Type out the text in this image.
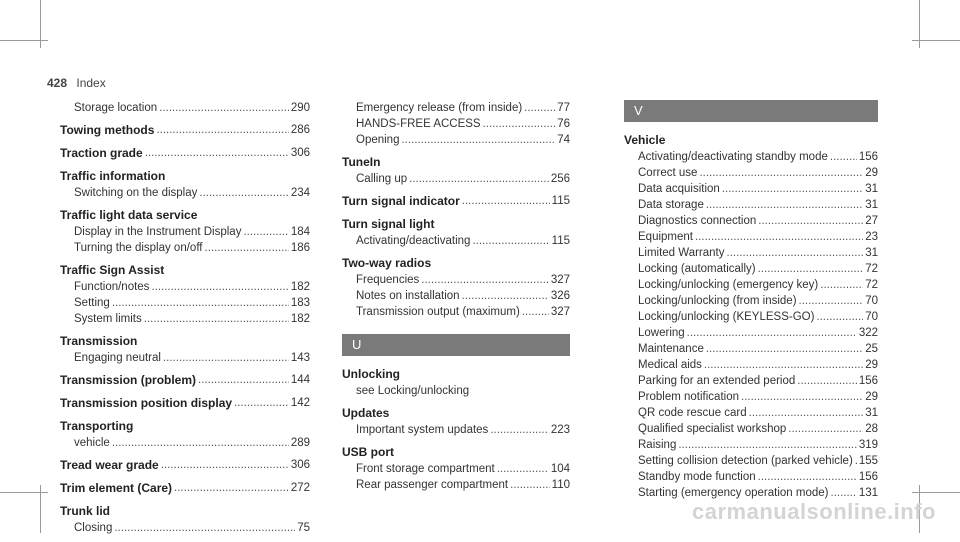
428 Index
Storage location .....	290
Towing methods .....	286
Traction grade .....	306
Traffic information
Switching on the display .....	234
Traffic light data service
Display in the Instrument Display .....	184
Turning the display on/off .....	186
Traffic Sign Assist
Function/notes .....	182
Setting .....	183
System limits .....	182
Transmission
Engaging neutral .....	143
Transmission (problem) .....	144
Transmission position display .....	142
Transporting
vehicle .....	289
Tread wear grade .....	306
Trim element (Care) .....	272
Trunk lid
Closing .....	75
Emergency release (from inside) .....	77
HANDS-FREE ACCESS .....	76
Opening .....	74
TuneIn
Calling up .....	256
Turn signal indicator .....	115
Turn signal light
Activating/deactivating .....	115
Two-way radios
Frequencies .....	327
Notes on installation .....	326
Transmission output (maximum) .....	327
U
Unlocking
see Locking/unlocking
Updates
Important system updates .....	223
USB port
Front storage compartment .....	104
Rear passenger compartment .....	110
V
Vehicle
Activating/deactivating standby mode .....	156
Correct use .....	29
Data acquisition .....	31
Data storage .....	31
Diagnostics connection .....	27
Equipment .....	23
Limited Warranty .....	31
Locking (automatically) .....	72
Locking/unlocking (emergency key) .....	72
Locking/unlocking (from inside) .....	70
Locking/unlocking (KEYLESS-GO) .....	70
Lowering .....	322
Maintenance .....	25
Medical aids .....	29
Parking for an extended period .....	156
Problem notification .....	29
QR code rescue card .....	31
Qualified specialist workshop .....	28
Raising .....	319
Setting collision detection (parked vehicle) ..... 155
Standby mode function .....	156
Starting (emergency operation mode) .....	131
carmanualsonline.info
